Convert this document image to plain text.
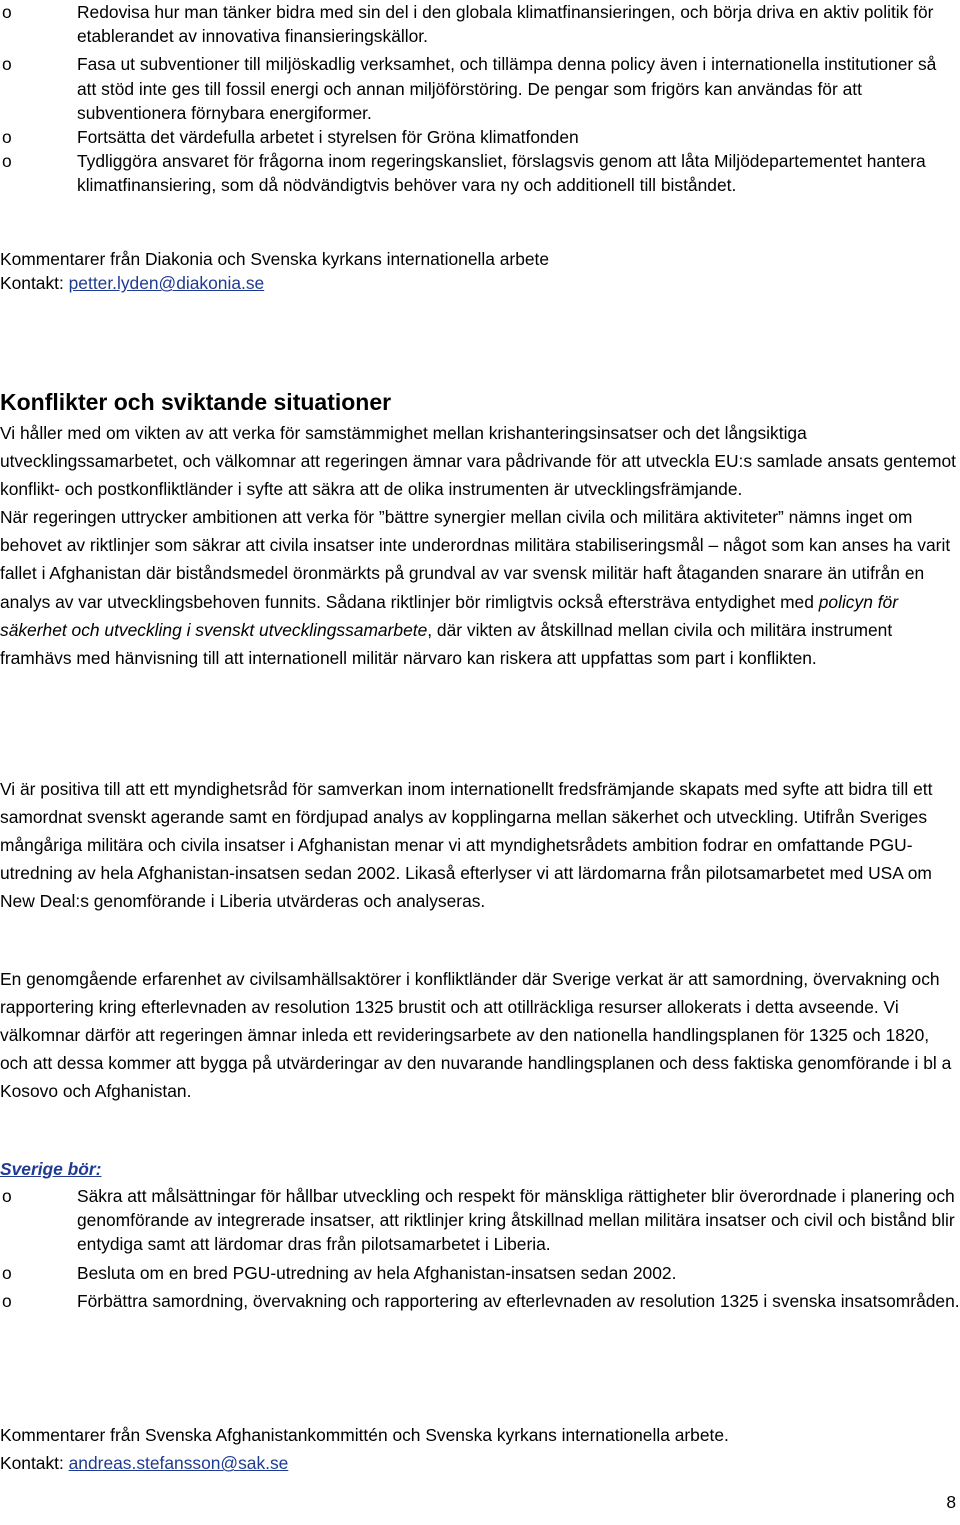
o	Redovisa hur man tänker bidra med sin del i den globala klimatfinansieringen, och börja driva en aktiv politik för etablerandet av innovativa finansieringskällor.
o	Fasa ut subventioner till miljöskadlig verksamhet, och tillämpa denna policy även i internationella institutioner så att stöd inte ges till fossil energi och annan miljöförstöring. De pengar som frigörs kan användas för att subventionera förnybara energiformer.
o	Fortsätta det värdefulla arbetet i styrelsen för Gröna klimatfonden
o	Tydliggöra ansvaret för frågorna inom regeringskansliet, förslagsvis genom att låta Miljödepartementet hantera klimatfinansiering, som då nödvändigtvis behöver vara ny och additionell till biståndet.

Kommentarer från Diakonia och Svenska kyrkans internationella arbete

Kontakt: petter.lyden@diakonia.se

Konflikter och sviktande situationer

Vi håller med om vikten av att verka för samstämmighet mellan krishanteringsinsatser och det långsiktiga utvecklingssamarbetet, och välkomnar att regeringen ämnar vara pådrivande för att utveckla EU:s samlade ansats gentemot konflikt- och postkonfliktländer i syfte att säkra att de olika instrumenten är utvecklingsfrämjande.

När regeringen uttrycker ambitionen att verka för ”bättre synergier mellan civila och militära aktiviteter” nämns inget om behovet av riktlinjer som säkrar att civila insatser inte underordnas militära stabiliseringsmål – något som kan anses ha varit fallet i Afghanistan där biståndsmedel öronmärkts på grundval av var svensk militär haft åtaganden snarare än utifrån en analys av var utvecklingsbehoven funnits. Sådana riktlinjer bör rimligtvis också eftersträva entydighet med policyn för säkerhet och utveckling i svenskt utvecklingssamarbete, där vikten av åtskillnad mellan civila och militära instrument framhävs med hänvisning till att internationell militär närvaro kan riskera att uppfattas som part i konflikten.

Vi är positiva till att ett myndighetsråd för samverkan inom internationellt fredsfrämjande skapats med syfte att bidra till ett samordnat svenskt agerande samt en fördjupad analys av kopplingarna mellan säkerhet och utveckling. Utifrån Sveriges mångåriga militära och civila insatser i Afghanistan menar vi att myndighetsrådets ambition fodrar en omfattande PGU-utredning av hela Afghanistan-insatsen sedan 2002. Likaså efterlyser vi att lärdomarna från pilotsamarbetet med USA om New Deal:s genomförande i Liberia utvärderas och analyseras.

En genomgående erfarenhet av civilsamhällsaktörer i konfliktländer där Sverige verkat är att samordning, övervakning och rapportering kring efterlevnaden av resolution 1325 brustit och att otillräckliga resurser allokerats i detta avseende. Vi välkomnar därför att regeringen ämnar inleda ett revideringsarbete av den nationella handlingsplanen för 1325 och 1820, och att dessa kommer att bygga på utvärderingar av den nuvarande handlingsplanen och dess faktiska genomförande i bl a Kosovo och Afghanistan.

Sverige bör:

o	Säkra att målsättningar för hållbar utveckling och respekt för mänskliga rättigheter blir överordnade i planering och genomförande av integrerade insatser, att riktlinjer kring åtskillnad mellan militära insatser och civil och bistånd blir entydiga samt att lärdomar dras från pilotsamarbetet i Liberia.
o	Besluta om en bred PGU-utredning av hela Afghanistan-insatsen sedan 2002.
o	Förbättra samordning, övervakning och rapportering av efterlevnaden av resolution 1325 i svenska insatsområden.

Kommentarer från Svenska Afghanistankommittén och Svenska kyrkans internationella arbete.

Kontakt: andreas.stefansson@sak.se

8
